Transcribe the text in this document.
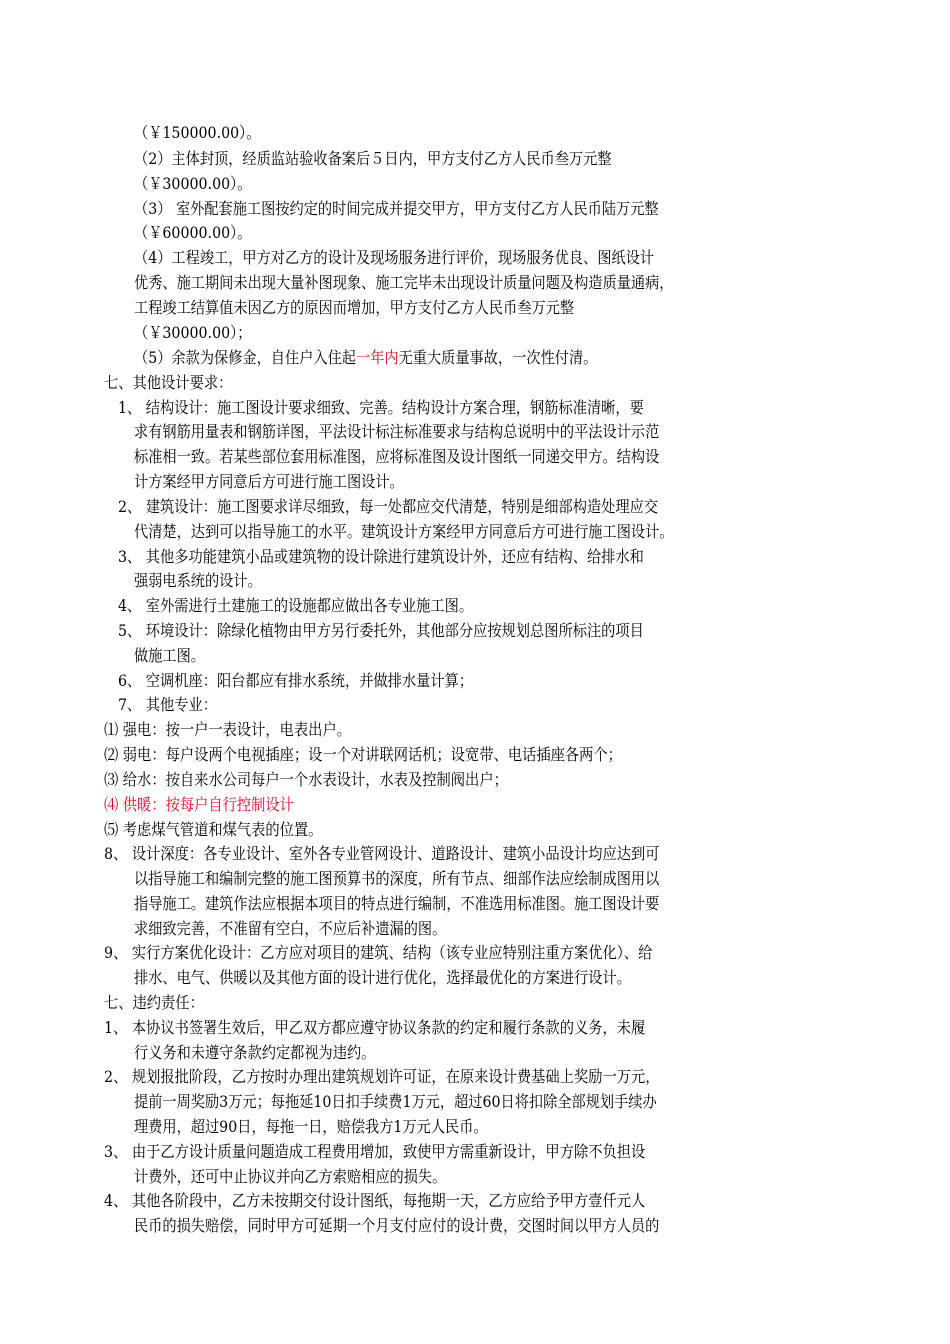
（￥150000.00）。
（2）主体封顶，经质监站验收备案后５日内，甲方支付乙方人民币叁万元整
（￥30000.00）。
（3） 室外配套施工图按约定的时间完成并提交甲方，甲方支付乙方人民币陆万元整
（￥60000.00）。
（4）工程竣工，甲方对乙方的设计及现场服务进行评价，现场服务优良、图纸设计
优秀、施工期间未出现大量补图现象、施工完毕未出现设计质量问题及构造质量通病，
工程竣工结算值未因乙方的原因而增加，甲方支付乙方人民币叁万元整
（￥30000.00）；
（5）余款为保修金，自住户入住起一年内无重大质量事故，一次性付清。
七、其他设计要求：
1、 结构设计：施工图设计要求细致、完善。结构设计方案合理，钢筋标准清晰，要
求有钢筋用量表和钢筋详图，平法设计标注标准要求与结构总说明中的平法设计示范
标准相一致。若某些部位套用标准图，应将标准图及设计图纸一同递交甲方。结构设
计方案经甲方同意后方可进行施工图设计。
2、 建筑设计：施工图要求详尽细致，每一处都应交代清楚，特别是细部构造处理应交
代清楚，达到可以指导施工的水平。建筑设计方案经甲方同意后方可进行施工图设计。
3、 其他多功能建筑小品或建筑物的设计除进行建筑设计外，还应有结构、给排水和
强弱电系统的设计。
4、 室外需进行土建施工的设施都应做出各专业施工图。
5、 环境设计：除绿化植物由甲方另行委托外，其他部分应按规划总图所标注的项目
做施工图。
6、 空调机座：阳台都应有排水系统，并做排水量计算；
7、 其他专业：
⑴ 强电：按一户一表设计，电表出户。
⑵ 弱电：每户设两个电视插座；设一个对讲联网话机；设宽带、电话插座各两个；
⑶ 给水：按自来水公司每户一个水表设计，水表及控制阀出户；
⑷ 供暖：按每户自行控制设计
⑸ 考虑煤气管道和煤气表的位置。
8、 设计深度：各专业设计、室外各专业管网设计、道路设计、建筑小品设计均应达到可
以指导施工和编制完整的施工图预算书的深度，所有节点、细部作法应绘制成图用以
指导施工。建筑作法应根据本项目的特点进行编制，不准选用标准图。施工图设计要
求细致完善，不准留有空白，不应后补遗漏的图。
9、 实行方案优化设计：乙方应对项目的建筑、结构（该专业应特别注重方案优化）、给
排水、电气、供暖以及其他方面的设计进行优化，选择最优化的方案进行设计。
七、违约责任：
1、 本协议书签署生效后，甲乙双方都应遵守协议条款的约定和履行条款的义务，未履
行义务和未遵守条款约定都视为违约。
2、 规划报批阶段，乙方按时办理出建筑规划许可证，在原来设计费基础上奖励一万元，
提前一周奖励3万元；每拖延10日扣手续费1万元，超过60日将扣除全部规划手续办
理费用，超过90日，每拖一日，赔偿我方1万元人民币。
3、 由于乙方设计质量问题造成工程费用增加，致使甲方需重新设计，甲方除不负担设
计费外，还可中止协议并向乙方索赔相应的损失。
4、 其他各阶段中，乙方未按期交付设计图纸，每拖期一天，乙方应给予甲方壹仟元人
民币的损失赔偿，同时甲方可延期一个月支付应付的设计费，交图时间以甲方人员的
